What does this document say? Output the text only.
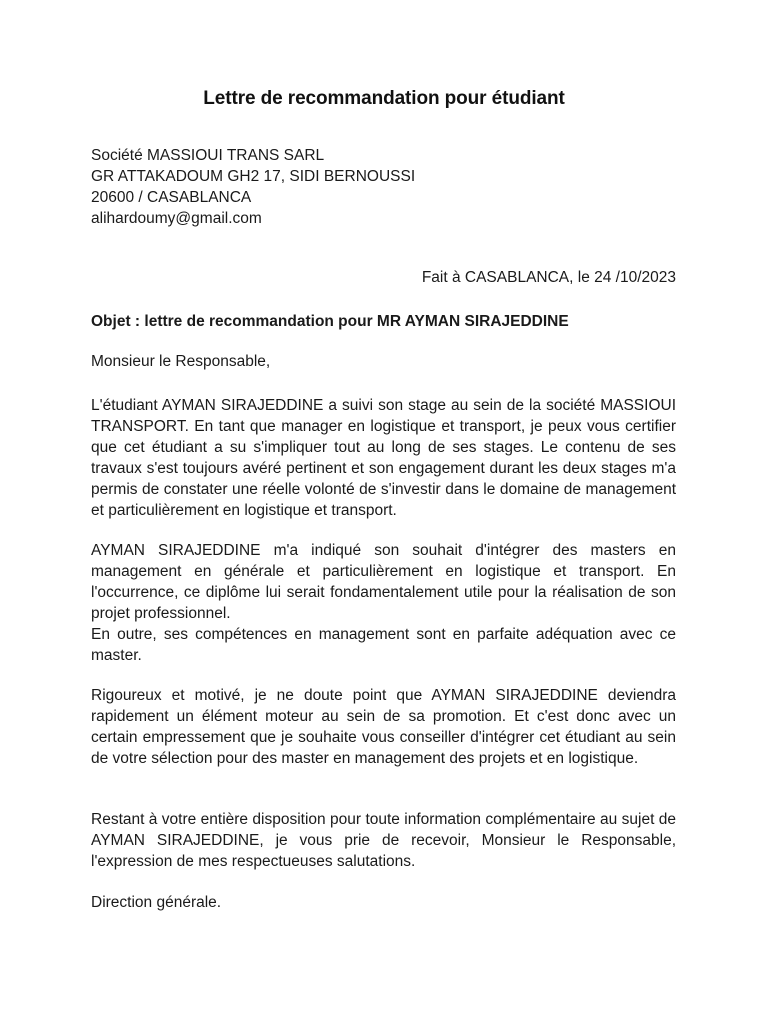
Lettre de recommandation pour étudiant
Société MASSIOUI TRANS SARL
GR ATTAKADOUM GH2 17, SIDI BERNOUSSI
20600 / CASABLANCA
alihardoumy@gmail.com
Fait à CASABLANCA, le 24 /10/2023
Objet : lettre de recommandation pour MR AYMAN SIRAJEDDINE
Monsieur le Responsable,

L'étudiant AYMAN SIRAJEDDINE a suivi son stage au sein de la société MASSIOUI TRANSPORT. En tant que manager en logistique et transport, je peux vous certifier que cet étudiant a su s'impliquer tout au long de ses stages. Le contenu de ses travaux s'est toujours avéré pertinent et son engagement durant les deux stages m'a permis de constater une réelle volonté de s'investir dans le domaine de management et particulièrement en logistique et transport.

AYMAN SIRAJEDDINE m'a indiqué son souhait d'intégrer des masters en management en générale et particulièrement en logistique et transport. En l'occurrence, ce diplôme lui serait fondamentalement utile pour la réalisation de son projet professionnel.

En outre, ses compétences en management sont en parfaite adéquation avec ce master.

Rigoureux et motivé, je ne doute point que AYMAN SIRAJEDDINE deviendra rapidement un élément moteur au sein de sa promotion. Et c'est donc avec un certain empressement que je souhaite vous conseiller d'intégrer cet étudiant au sein de votre sélection pour des master en management des projets et en logistique.

Restant à votre entière disposition pour toute information complémentaire au sujet de AYMAN SIRAJEDDINE, je vous prie de recevoir, Monsieur le Responsable, l'expression de mes respectueuses salutations.

Direction générale.
